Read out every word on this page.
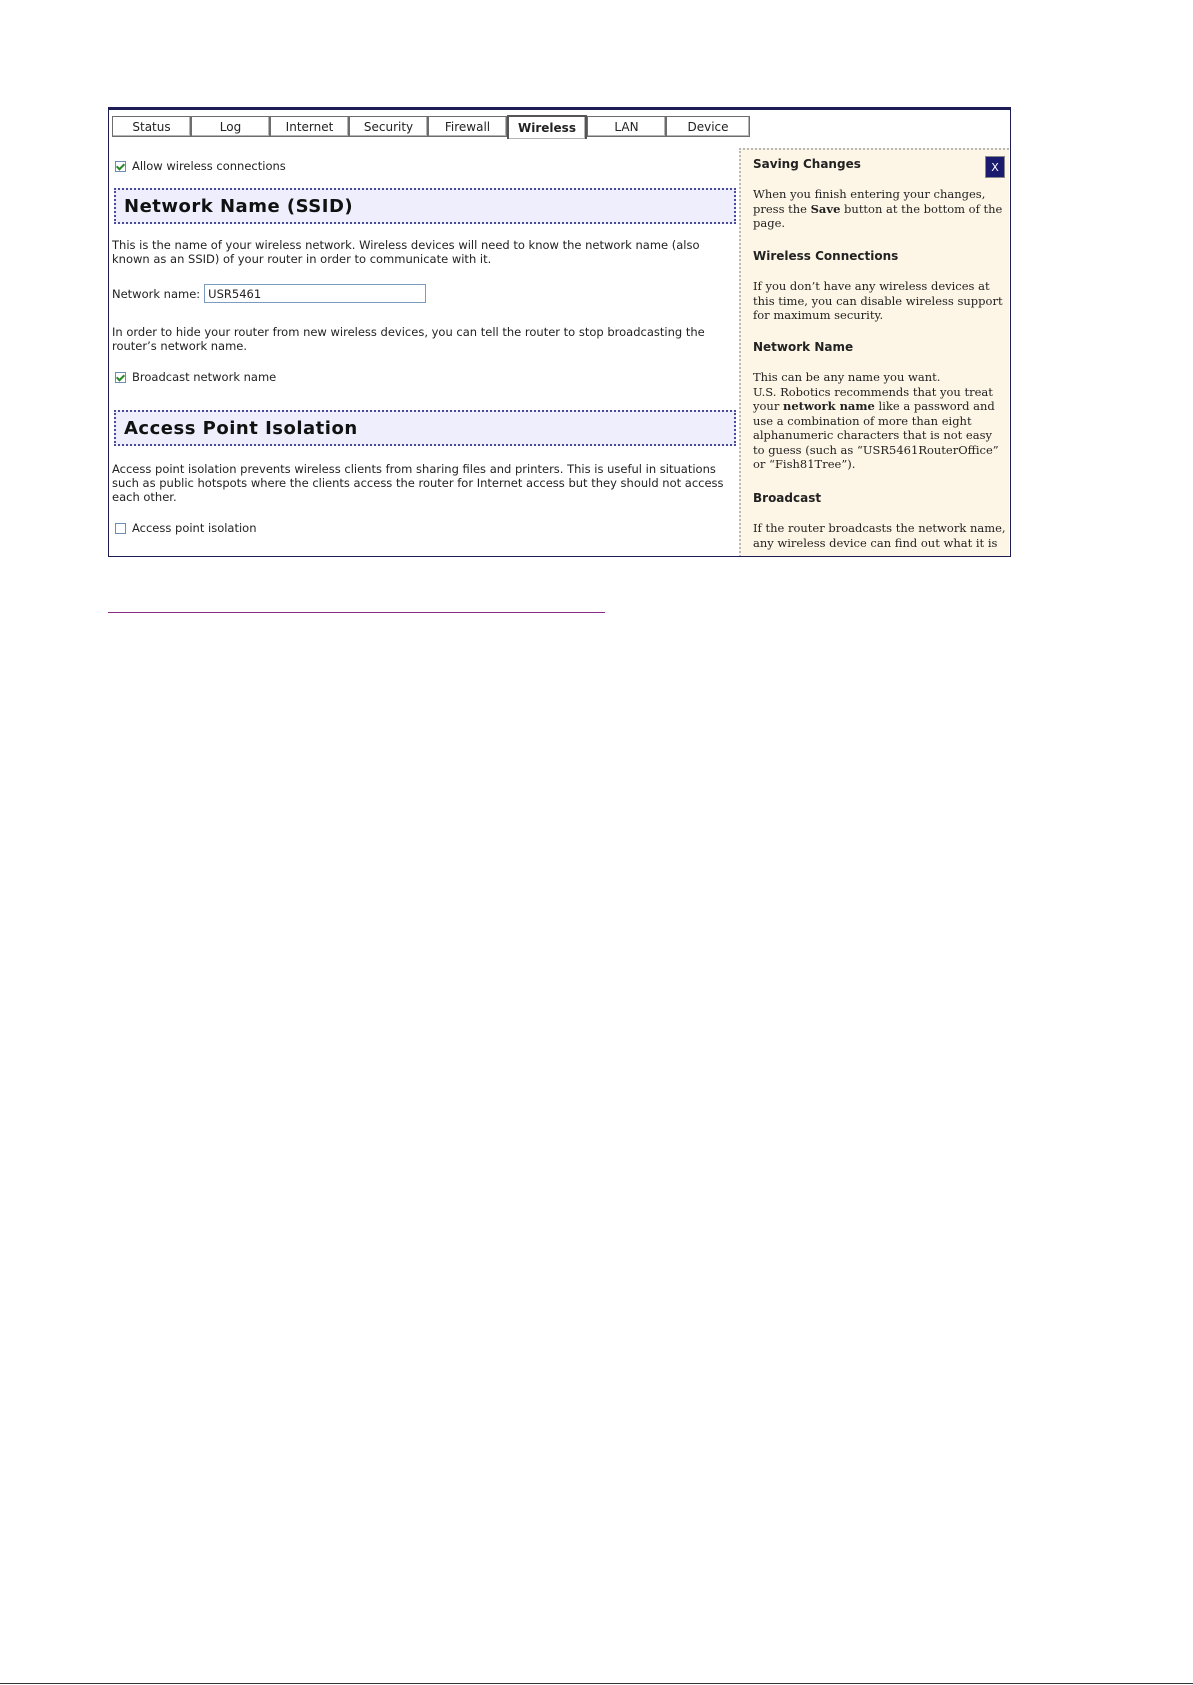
Status	Log	Internet	Security	Firewall	Wireless	LAN	Device
Allow wireless connections
Network Name (SSID)
This is the name of your wireless network. Wireless devices will need to know the network name (also known as an SSID) of your router in order to communicate with it.
Network name:
USR5461
In order to hide your router from new wireless devices, you can tell the router to stop broadcasting the router’s network name.
Broadcast network name
Access Point Isolation
Access point isolation prevents wireless clients from sharing files and printers. This is useful in situations such as public hotspots where the clients access the router for Internet access but they should not access each other.
Access point isolation
X
Saving Changes
When you finish entering your changes, press the Save button at the bottom of the page.
Wireless Connections
If you don’t have any wireless devices at this time, you can disable wireless support for maximum security.
Network Name
This can be any name you want.
U.S. Robotics recommends that you treat your network name like a password and use a combination of more than eight alphanumeric characters that is not easy to guess (such as “USR5461RouterOffice” or “Fish81Tree”).
Broadcast
If the router broadcasts the network name, any wireless device can find out what it is
